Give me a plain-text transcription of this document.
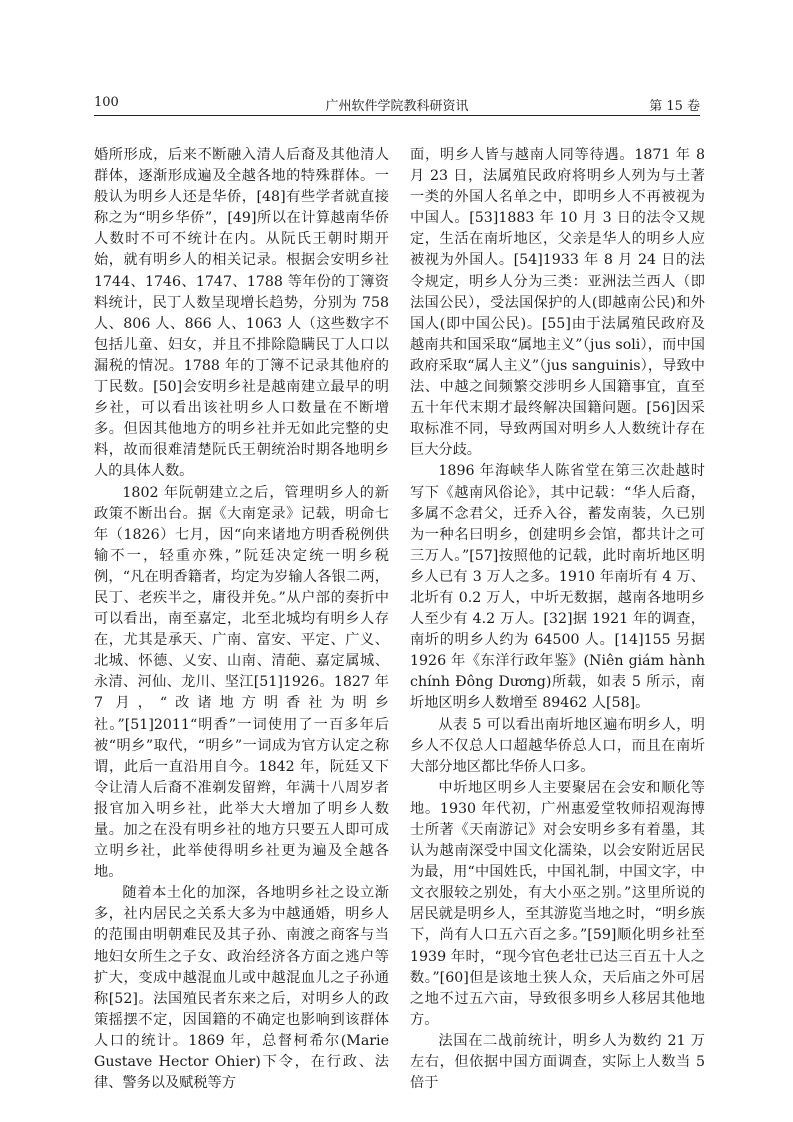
100	广州软件学院教科研资讯	第 15 卷

婚所形成，后来不断融入清人后裔及其他清人群体，逐渐形成遍及全越各地的特殊群体。一般认为明乡人还是华侨，[48]有些学者就直接称之为“明乡华侨”，[49]所以在计算越南华侨人数时不可不统计在内。从阮氏王朝时期开始，就有明乡人的相关记录。根据会安明乡社 1744、1746、1747、1788 等年份的丁簿资料统计，民丁人数呈现增长趋势，分别为 758 人、806 人、866 人、1063 人（这些数字不包括儿童、妇女，并且不排除隐瞒民丁人口以漏税的情况。1788 年的丁簿不记录其他府的丁民数。[50]会安明乡社是越南建立最早的明乡社，可以看出该社明乡人口数量在不断增多。但因其他地方的明乡社并无如此完整的史料，故而很难清楚阮氏王朝统治时期各地明乡人的具体人数。

1802 年阮朝建立之后，管理明乡人的新政策不断出台。据《大南寔录》记载，明命七年（1826）七月，因“向来诸地方明香税例供输不一，轻重亦殊，”阮廷决定统一明乡税例，“凡在明香籍者，均定为岁输人各银二两，民丁、老疾半之，庸役并免。”从户部的奏折中可以看出，南至嘉定，北至北城均有明乡人存在，尤其是承天、广南、富安、平定、广义、北城、怀德、乂安、山南、清葩、嘉定属城、永清、河仙、龙川、坚江[51]1926。1827 年 7 月，“改诸地方明香社为明乡社。”[51]2011“明香”一词使用了一百多年后被“明乡”取代，“明乡”一词成为官方认定之称谓，此后一直沿用自今。1842 年，阮廷又下令让清人后裔不准剃发留辫，年满十八周岁者报官加入明乡社，此举大大增加了明乡人数量。加之在没有明乡社的地方只要五人即可成立明乡社，此举使得明乡社更为遍及全越各地。

随着本土化的加深，各地明乡社之设立渐多，社内居民之关系大多为中越通婚，明乡人的范围由明朝难民及其子孙、南渡之商客与当地妇女所生之子女、政治经济各方面之逃户等扩大，变成中越混血儿或中越混血儿之子孙通称[52]。法国殖民者东来之后，对明乡人的政策摇摆不定，因国籍的不确定也影响到该群体人口的统计。1869 年，总督柯希尔(Marie Gustave Hector Ohier)下令，在行政、法律、警务以及赋税等方

面，明乡人皆与越南人同等待遇。1871 年 8 月 23 日，法属殖民政府将明乡人列为与土著一类的外国人名单之中，即明乡人不再被视为中国人。[53]1883 年 10 月 3 日的法令又规定，生活在南圻地区，父亲是华人的明乡人应被视为外国人。[54]1933 年 8 月 24 日的法令规定，明乡人分为三类：亚洲法兰西人（即法国公民），受法国保护的人(即越南公民)和外国人(即中国公民)。[55]由于法属殖民政府及越南共和国采取“属地主义”（jus soli），而中国政府采取“属人主义”（jus sanguinis），导致中法、中越之间频繁交涉明乡人国籍事宜，直至五十年代末期才最终解决国籍问题。[56]因采取标准不同，导致两国对明乡人人数统计存在巨大分歧。

1896 年海峡华人陈省堂在第三次赴越时写下《越南风俗论》，其中记载：“华人后裔，多属不念君父，迁乔入谷，蓄发南装，久已别为一种名曰明乡，创建明乡会馆，都共计之可三万人。”[57]按照他的记载，此时南圻地区明乡人已有 3 万人之多。1910 年南圻有 4 万、北圻有 0.2 万人，中圻无数据，越南各地明乡人至少有 4.2 万人。[32]据 1921 年的调查，南圻的明乡人约为 64500 人。[14]155 另据 1926 年《东洋行政年鉴》(Niên giám hành chính Đông Dương)所载，如表 5 所示，南圻地区明乡人数增至 89462 人[58]。

从表 5 可以看出南圻地区遍布明乡人，明乡人不仅总人口超越华侨总人口，而且在南圻大部分地区都比华侨人口多。

中圻地区明乡人主要聚居在会安和顺化等地。1930 年代初，广州惠爱堂牧师招观海博士所著《天南游记》对会安明乡多有着墨，其认为越南深受中国文化濡染，以会安附近居民为最，用“中国姓氏，中国礼制，中国文字，中文衣服较之别处，有大小巫之别。”这里所说的居民就是明乡人，至其游览当地之时，“明乡族下，尚有人口五六百之多。”[59]顺化明乡社至 1939 年时，“现今官色老壮已达三百五十人之数。”[60]但是该地土狭人众，天后庙之外可居之地不过五六亩，导致很多明乡人移居其他地方。

法国在二战前统计，明乡人为数约 21 万左右，但依据中国方面调查，实际上人数当 5 倍于
